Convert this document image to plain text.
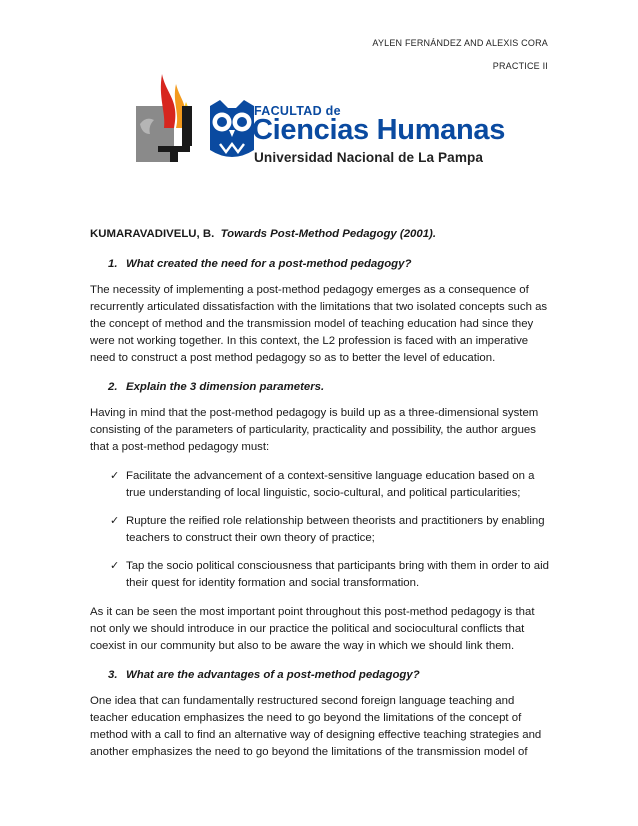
AYLEN FERNÁNDEZ AND ALEXIS CORA
PRACTICE II
FACULTAD de
Ciencias Humanas
Universidad Nacional de La Pampa
KUMARAVADIVELU, B. Towards Post-Method Pedagogy (2001).
1. What created the need for a post-method pedagogy?
The necessity of implementing a post-method pedagogy emerges as a consequence of recurrently articulated dissatisfaction with the limitations that two isolated concepts such as the concept of method and the transmission model of teaching education had since they were not working together. In this context, the L2 profession is faced with an imperative need to construct a post method pedagogy so as to better the level of education.
2. Explain the 3 dimension parameters.
Having in mind that the post-method pedagogy is build up as a three-dimensional system consisting of the parameters of particularity, practicality and possibility, the author argues that a post-method pedagogy must:
✓ Facilitate the advancement of a context-sensitive language education based on a true understanding of local linguistic, socio-cultural, and political particularities;
✓ Rupture the reified role relationship between theorists and practitioners by enabling teachers to construct their own theory of practice;
✓ Tap the socio political consciousness that participants bring with them in order to aid their quest for identity formation and social transformation.
As it can be seen the most important point throughout this post-method pedagogy is that not only we should introduce in our practice the political and sociocultural conflicts that coexist in our community but also to be aware the way in which we should link them.
3. What are the advantages of a post-method pedagogy?
One idea that can fundamentally restructured second foreign language teaching and teacher education emphasizes the need to go beyond the limitations of the concept of method with a call to find an alternative way of designing effective teaching strategies and another emphasizes the need to go beyond the limitations of the transmission model of
